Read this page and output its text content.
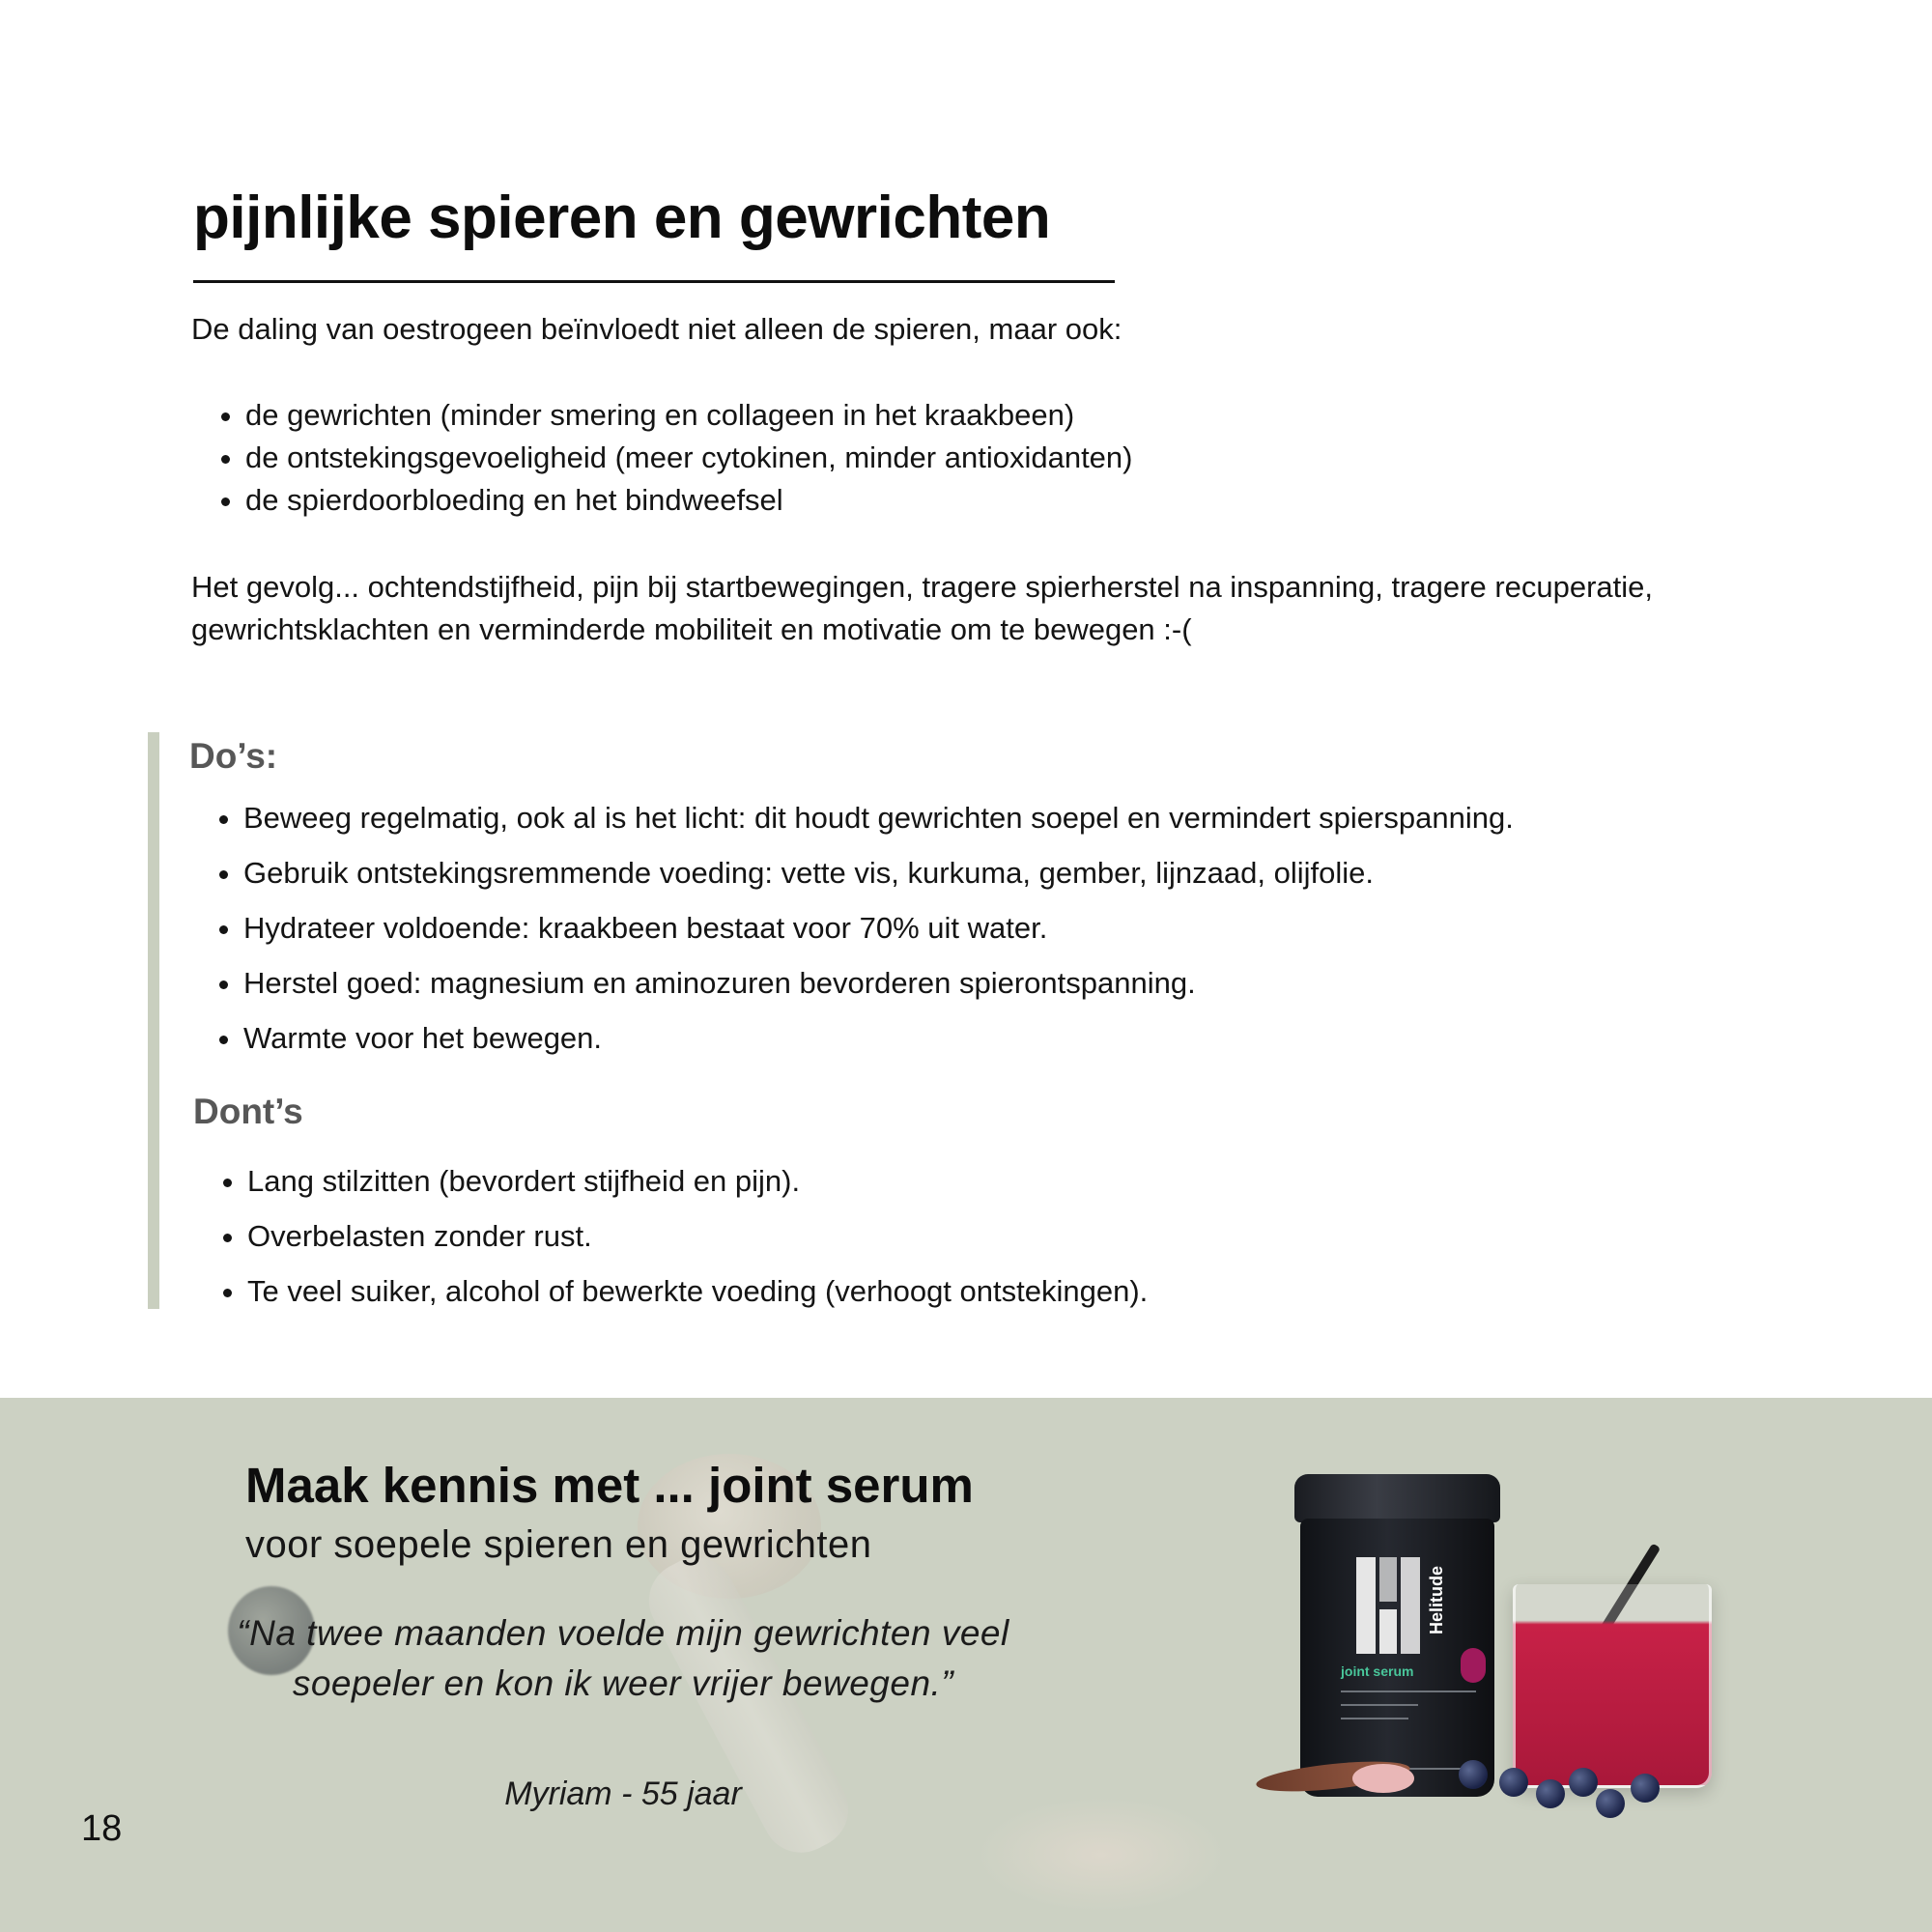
pijnlijke spieren en gewrichten

De daling van oestrogeen beïnvloedt niet alleen de spieren, maar ook:

• de gewrichten (minder smering en collageen in het kraakbeen)
• de ontstekingsgevoeligheid (meer cytokinen, minder antioxidanten)
• de spierdoorbloeding en het bindweefsel

Het gevolg... ochtendstijfheid, pijn bij startbewegingen, tragere spierherstel na inspanning, tragere recuperatie, gewrichtsklachten en verminderde mobiliteit en motivatie om te bewegen :-(

Do’s:
• Beweeg regelmatig, ook al is het licht: dit houdt gewrichten soepel en vermindert spierspanning.
• Gebruik ontstekingsremmende voeding: vette vis, kurkuma, gember, lijnzaad, olijfolie.
• Hydrateer voldoende: kraakbeen bestaat voor 70% uit water.
• Herstel goed: magnesium en aminozuren bevorderen spierontspanning.
• Warmte voor het bewegen.
Dont’s
• Lang stilzitten (bevordert stijfheid en pijn).
• Overbelasten zonder rust.
• Te veel suiker, alcohol of bewerkte voeding (verhoogt ontstekingen).
Maak kennis met ... joint serum

voor soepele spieren en gewrichten

“Na twee maanden voelde mijn gewrichten veel soepeler en kon ik weer vrijer bewegen.”

Myriam - 55 jaar

Helitude
joint serum

18
